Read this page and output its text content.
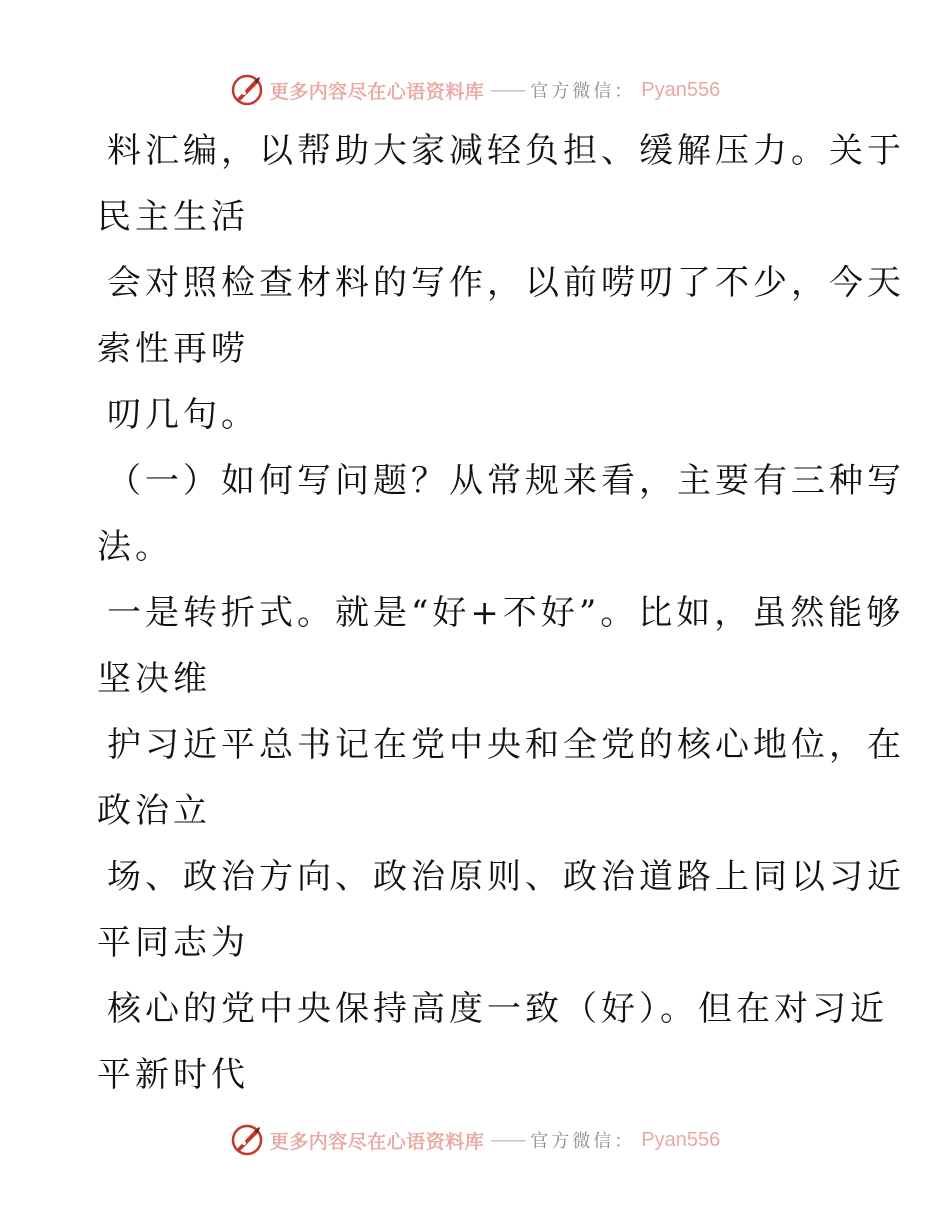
更多内容尽在心语资料库 —— 官方微信： Pyan556
料汇编，以帮助大家减轻负担、缓解压力。关于
民主生活
会对照检查材料的写作，以前唠叨了不少，今天
索性再唠
叨几句。
（一）如何写问题？从常规来看，主要有三种写
法。
一是转折式。就是“好+不好”。比如，虽然能够
坚决维
护习近平总书记在党中央和全党的核心地位，在
政治立
场、政治方向、政治原则、政治道路上同以习近
平同志为
核心的党中央保持高度一致（好）。但在对习近
平新时代
更多内容尽在心语资料库 —— 官方微信： Pyan556
